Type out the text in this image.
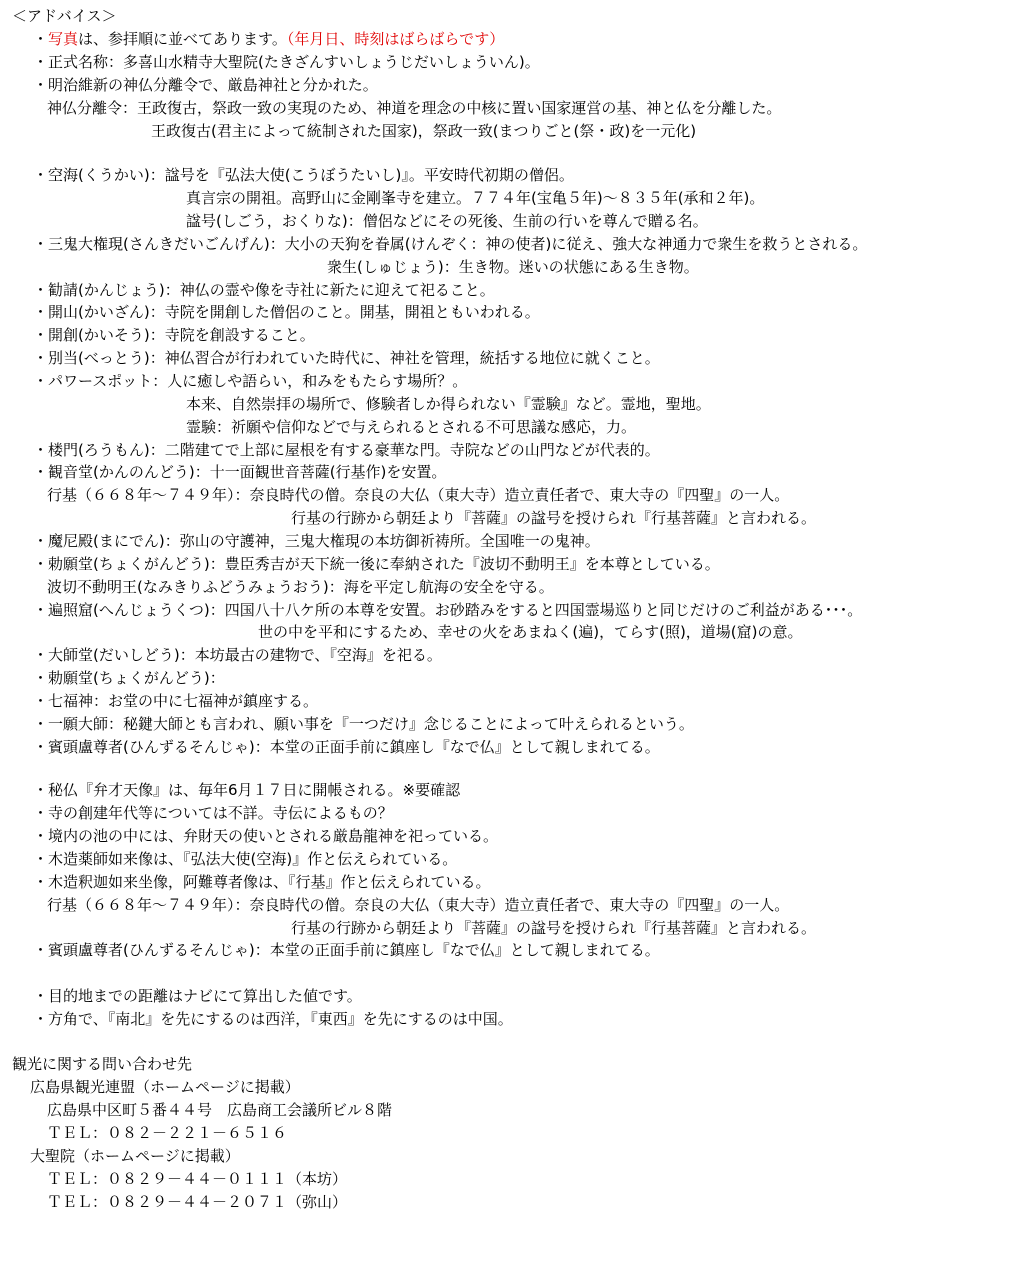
＜アドバイス＞
・写真は、参拝順に並べてあります。（年月日、時刻はばらばらです）
・正式名称：多喜山水精寺大聖院(たきざんすいしょうじだいしょういん)。
・明治維新の神仏分離令で、厳島神社と分かれた。
神仏分離令：王政復古，祭政一致の実現のため、神道を理念の中核に置い国家運営の基、神と仏を分離した。
王政復古(君主によって統制された国家)，祭政一致(まつりごと(祭・政)を一元化)
・空海(くうかい)：諡号を『弘法大使(こうぼうたいし)』。平安時代初期の僧侶。
真言宗の開祖。高野山に金剛峯寺を建立。７７４年(宝亀５年)～８３５年(承和２年)。
諡号(しごう，おくりな)：僧侶などにその死後、生前の行いを尊んで贈る名。
・三鬼大権現(さんきだいごんげん)：大小の天狗を眷属(けんぞく：神の使者)に従え、強大な神通力で衆生を救うとされる。
衆生(しゅじょう)：生き物。迷いの状態にある生き物。
・勧請(かんじょう)：神仏の霊や像を寺社に新たに迎えて祀ること。
・開山(かいざん)：寺院を開創した僧侶のこと。開基，開祖ともいわれる。
・開創(かいそう)：寺院を創設すること。
・別当(べっとう)：神仏習合が行われていた時代に、神社を管理，統括する地位に就くこと。
・パワースポット：人に癒しや語らい，和みをもたらす場所？。
本来、自然崇拝の場所で、修験者しか得られない『霊験』など。霊地，聖地。
霊験：祈願や信仰などで与えられるとされる不可思議な感応，力。
・楼門(ろうもん)：二階建てで上部に屋根を有する豪華な門。寺院などの山門などが代表的。
・観音堂(かんのんどう)：十一面観世音菩薩(行基作)を安置。
行基（６６８年～７４９年）：奈良時代の僧。奈良の大仏（東大寺）造立責任者で、東大寺の『四聖』の一人。
行基の行跡から朝廷より『菩薩』の諡号を授けられ『行基菩薩』と言われる。
・魔尼殿(まにでん)：弥山の守護神，三鬼大権現の本坊御祈祷所。全国唯一の鬼神。
・勅願堂(ちょくがんどう)：豊臣秀吉が天下統一後に奉納された『波切不動明王』を本尊としている。
波切不動明王(なみきりふどうみょうおう)：海を平定し航海の安全を守る。
・遍照窟(へんじょうくつ)：四国八十八ケ所の本尊を安置。お砂踏みをすると四国霊場巡りと同じだけのご利益がある･･･。
世の中を平和にするため、幸せの火をあまねく(遍)，てらす(照)，道場(窟)の意。
・大師堂(だいしどう)：本坊最古の建物で、『空海』を祀る。
・勅願堂(ちょくがんどう)：
・七福神：お堂の中に七福神が鎮座する。
・一願大師：秘鍵大師とも言われ、願い事を『一つだけ』念じることによって叶えられるという。
・賓頭盧尊者(ひんずるそんじゃ)：本堂の正面手前に鎮座し『なで仏』として親しまれてる。
・秘仏『弁才天像』は、毎年6月１７日に開帳される。※要確認
・寺の創建年代等については不詳。寺伝によるもの？
・境内の池の中には、弁財天の使いとされる厳島龍神を祀っている。
・木造薬師如来像は、『弘法大使(空海)』作と伝えられている。
・木造釈迦如来坐像，阿難尊者像は、『行基』作と伝えられている。
行基（６６８年～７４９年）：奈良時代の僧。奈良の大仏（東大寺）造立責任者で、東大寺の『四聖』の一人。
行基の行跡から朝廷より『菩薩』の諡号を授けられ『行基菩薩』と言われる。
・賓頭盧尊者(ひんずるそんじゃ)：本堂の正面手前に鎮座し『なで仏』として親しまれてる。
・目的地までの距離はナビにて算出した値です。
・方角で、『南北』を先にするのは西洋，『東西』を先にするのは中国。
観光に関する問い合わせ先
広島県観光連盟（ホームページに掲載）
広島県中区町５番４４号　広島商工会議所ビル８階
ＴＥＬ：０８２－２２１－６５１６
大聖院（ホームページに掲載）
ＴＥＬ：０８２９－４４－０１１１（本坊）
ＴＥＬ：０８２９－４４－２０７１（弥山）
